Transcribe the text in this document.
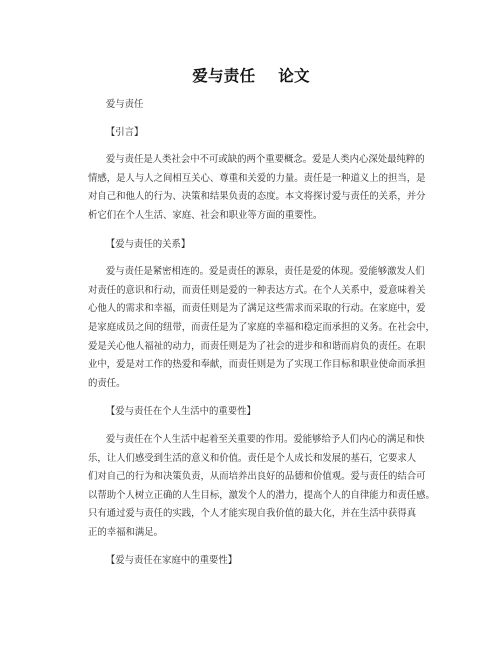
爱与责任    论文

爱与责任

【引言】

爱与责任是人类社会中不可或缺的两个重要概念。爱是人类内心深处最纯粹的
情感，是人与人之间相互关心、尊重和关爱的力量。责任是一种道义上的担当，是
对自己和他人的行为、决策和结果负责的态度。本文将探讨爱与责任的关系，并分
析它们在个人生活、家庭、社会和职业等方面的重要性。

【爱与责任的关系】

爱与责任是紧密相连的。爱是责任的源泉，责任是爱的体现。爱能够激发人们
对责任的意识和行动，而责任则是爱的一种表达方式。在个人关系中，爱意味着关
心他人的需求和幸福，而责任则是为了满足这些需求而采取的行动。在家庭中，爱
是家庭成员之间的纽带，而责任是为了家庭的幸福和稳定而承担的义务。在社会中，
爱是关心他人福祉的动力，而责任则是为了社会的进步和和谐而肩负的责任。在职
业中，爱是对工作的热爱和奉献，而责任则是为了实现工作目标和职业使命而承担
的责任。

【爱与责任在个人生活中的重要性】

爱与责任在个人生活中起着至关重要的作用。爱能够给予人们内心的满足和快
乐，让人们感受到生活的意义和价值。责任是个人成长和发展的基石，它要求人
们对自己的行为和决策负责，从而培养出良好的品德和价值观。爱与责任的结合可
以帮助个人树立正确的人生目标，激发个人的潜力，提高个人的自律能力和责任感。
只有通过爱与责任的实践，个人才能实现自我价值的最大化，并在生活中获得真
正的幸福和满足。

【爱与责任在家庭中的重要性】
